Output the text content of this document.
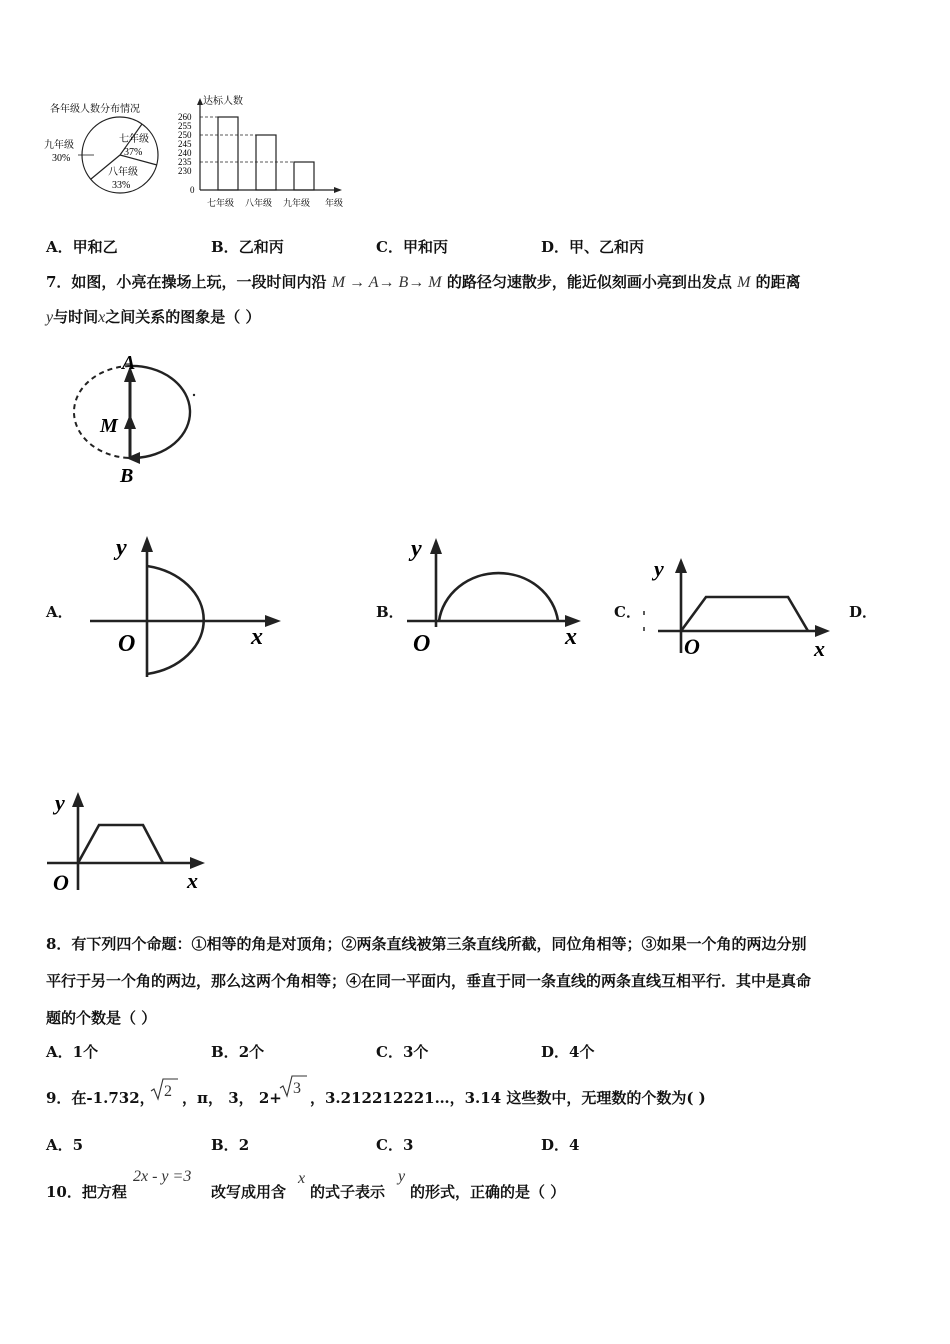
各年级人数分布情况
七年级
37%
八年级
33%
九年级
30%
达标人数
260
255
250
245
240
235
230
0
七年级 八年级 九年级 年级
A．甲和乙	B．乙和丙	C．甲和丙	D．甲、乙和丙
7．如图，小亮在操场上玩，一段时间内沿 M → A→ B→ M 的路径匀速散步，能近似刻画小亮到出发点 M 的距离
y与时间x之间关系的图象是（ ）
A
M
B
A．
y
O	x
B．
y
O	x
C．
y
O	x
D．
y
O	x
8．有下列四个命题：①相等的角是对顶角；②两条直线被第三条直线所截，同位角相等；③如果一个角的两边分别
平行于另一个角的两边，那么这两个角相等；④在同一平面内，垂直于同一条直线的两条直线互相平行．其中是真命
题的个数是（ ）
A．1个	B．2个	C．3个	D．4个
9．在-1.732， 2 ，π， 3， 2+
3
，3.212212221…，3.14 这些数中，无理数的个数为( )
A．5	B．2	C．3	D．4
10．把方程
2x - y =3
改写成用含
x
的式子表示
y
的形式，正确的是（ ）
